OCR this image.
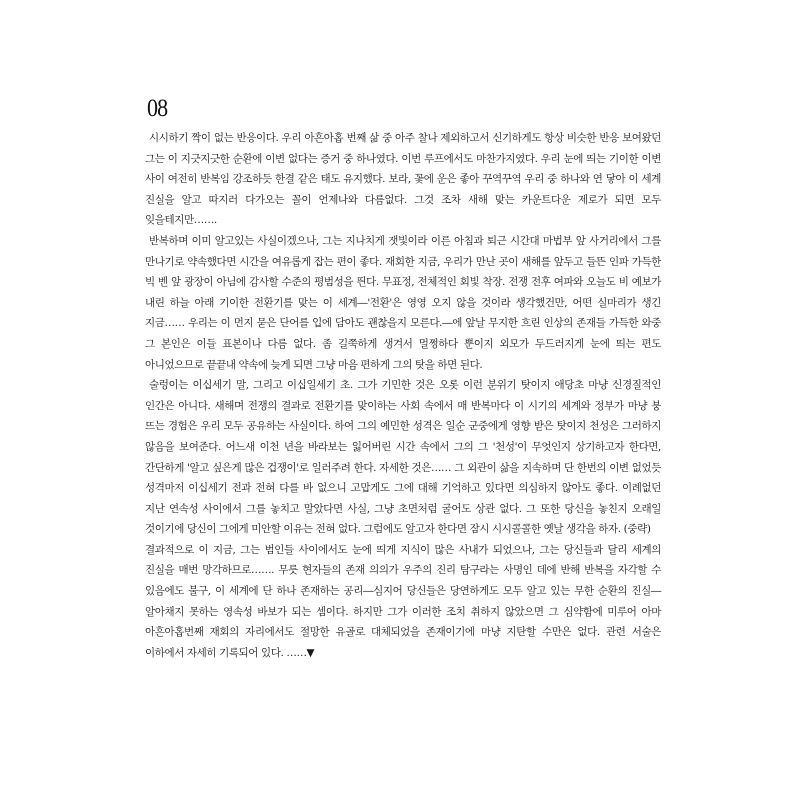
08

시시하기 짝이 없는 반응이다. 우리 아흔아홉 번째 삶 중 아주 찰나 제외하고서 신기하게도 항상 비슷한 반응 보여왔던 그는 이 지긋지긋한 순환에 이변 없다는 증거 중 하나였다. 이번 루프에서도 마찬가지였다. 우리 눈에 띄는 기이한 이변 사이 여전히 반복임 강조하듯 한결 같은 태도 유지했다. 보라, 꽃에 운은 좋아 꾸역꾸역 우리 중 하나와 연 닿아 이 세계 진실을 알고 따지러 다가오는 꼴이 언제나와 다름없다. 그것 조차 새해 맞는 카운트다운 제로가 되면 모두 잊을테지만…….

반복하며 이미 알고있는 사실이겠으나, 그는 지나치게 잿빛이라 이른 아침과 퇴근 시간대 마법부 앞 사거리에서 그를 만나기로 약속했다면 시간을 여유롭게 잡는 편이 좋다. 재회한 지금, 우리가 만난 곳이 새해를 앞두고 들뜬 인파 가득한 빅 벤 앞 광장이 아님에 감사할 수준의 평범성을 띈다. 무표정, 전체적인 회빛 착장. 전쟁 전후 여파와 오늘도 비 예보가 내린 하늘 아래 기이한 전환기를 맞는 이 세계―'전환'은 영영 오지 않을 것이라 생각했건만, 어떤 실마리가 생긴 지금…… 우리는 이 먼지 묻은 단어를 입에 담아도 괜찮을지 모른다.―에 앞날 무지한 흐린 인상의 존재들 가득한 와중 그 본인은 이들 표본이나 다름 없다. 좀 길쭉하게 생겨서 멀쩡하다 뿐이지 외모가 두드러지게 눈에 띄는 편도 아니었으므로 끝끝내 약속에 늦게 되면 그냥 마음 편하게 그의 탓을 하면 된다.

술렁이는 이십세기 말, 그리고 이십일세기 초. 그가 기민한 것은 오롯 이런 분위기 탓이지 애당초 마냥 신경질적인 인간은 아니다. 새해며 전쟁의 결과로 전환기를 맞이하는 사회 속에서 매 반복마다 이 시기의 세계와 정부가 마냥 붕 뜨는 경험은 우리 모두 공유하는 사실이다. 하여 그의 예민한 성격은 일순 군중에게 영향 받은 탓이지 천성은 그러하지 않음을 보여준다. 어느새 이천 년을 바라보는 잃어버린 시간 속에서 그의 그 '천성'이 무엇인지 상기하고자 한다면, 간단하게 '알고 싶은게 많은 겁쟁이'로 일러주려 한다. 자세한 것은…… 그 외관이 삶을 지속하며 단 한번의 이변 없었듯 성격마저 이십세기 전과 전혀 다를 바 없으니 고맙게도 그에 대해 기억하고 있다면 의심하지 않아도 좋다. 이례없던 지난 연속성 사이에서 그를 놓치고 말았다면 사실, 그냥 초면처럼 굴어도 상관 없다. 그 또한 당신을 놓친지 오래일 것이기에 당신이 그에게 미안할 이유는 전혀 없다. 그럼에도 알고자 한다면 잠시 시시콜콜한 옛날 생각을 하자. (중략)

결과적으로 이 지금, 그는 범인들 사이에서도 눈에 띄게 지식이 많은 사내가 되었으나, 그는 당신들과 달리 세계의 진실을 매번 망각하므로……. 무릇 현자들의 존재 의의가 우주의 진리 탐구라는 사명인 데에 반해 반복을 자각할 수 있음에도 불구, 이 세계에 단 하나 존재하는 공리―심지어 당신들은 당연하게도 모두 알고 있는 무한 순환의 진실― 알아채지 못하는 영속성 바보가 되는 셈이다. 하지만 그가 이러한 조치 취하지 않았으면 그 심약함에 미루어 아마 아흔아홉번째 재회의 자리에서도 절망한 유골로 대체되었을 존재이기에 마냥 지탄할 수만은 없다. 관련 서술은 이하에서 자세히 기록되어 있다. ……▼
